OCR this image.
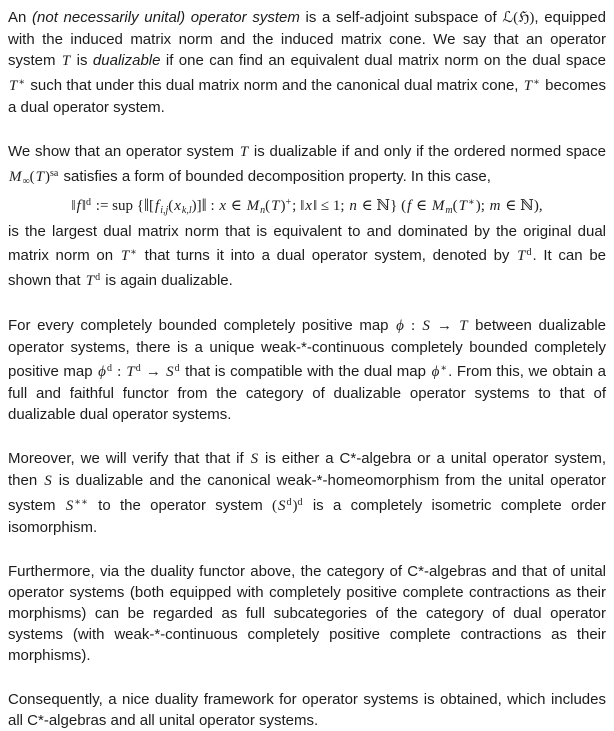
An (not necessarily unital) operator system is a self-adjoint subspace of ℒ(ℌ), equipped with the induced matrix norm and the induced matrix cone. We say that an operator system T is dualizable if one can find an equivalent dual matrix norm on the dual space T∗ such that under this dual matrix norm and the canonical dual matrix cone, T∗ becomes a dual operator system.

We show that an operator system T is dualizable if and only if the ordered normed space $M_\infty(T)^{sa}$ satisfies a form of bounded decomposition property. In this case,
‖f‖$^d$ := sup {$‖[f_{i,j}(x_{k,l})]‖$ : x ∈ $M_n(T)^+$; ‖x‖ ≤ 1; n ∈ ℕ} (f ∈ $M_m(T^∗)$; m ∈ ℕ),
is the largest dual matrix norm that is equivalent to and dominated by the original dual matrix norm on T∗ that turns it into a dual operator system, denoted by $T^d$. It can be shown that $T^d$ is again dualizable.

For every completely bounded completely positive map ϕ : S → T between dualizable operator systems, there is a unique weak-*-continuous completely bounded completely positive map $\phi^d$ : $T^d \to S^d$ that is compatible with the dual map ϕ∗. From this, we obtain a full and faithful functor from the category of dualizable operator systems to that of dualizable dual operator systems.

Moreover, we will verify that that if S is either a C*-algebra or a unital operator system, then S is dualizable and the canonical weak-*-homeomorphism from the unital operator system S∗∗ to the operator system $(S^d)^d$ is a completely isometric complete order isomorphism.

Furthermore, via the duality functor above, the category of C*-algebras and that of unital operator systems (both equipped with completely positive complete contractions as their morphisms) can be regarded as full subcategories of the category of dual operator systems (with weak-*-continuous completely positive complete contractions as their morphisms).

Consequently, a nice duality framework for operator systems is obtained, which includes all C*-algebras and all unital operator systems.
